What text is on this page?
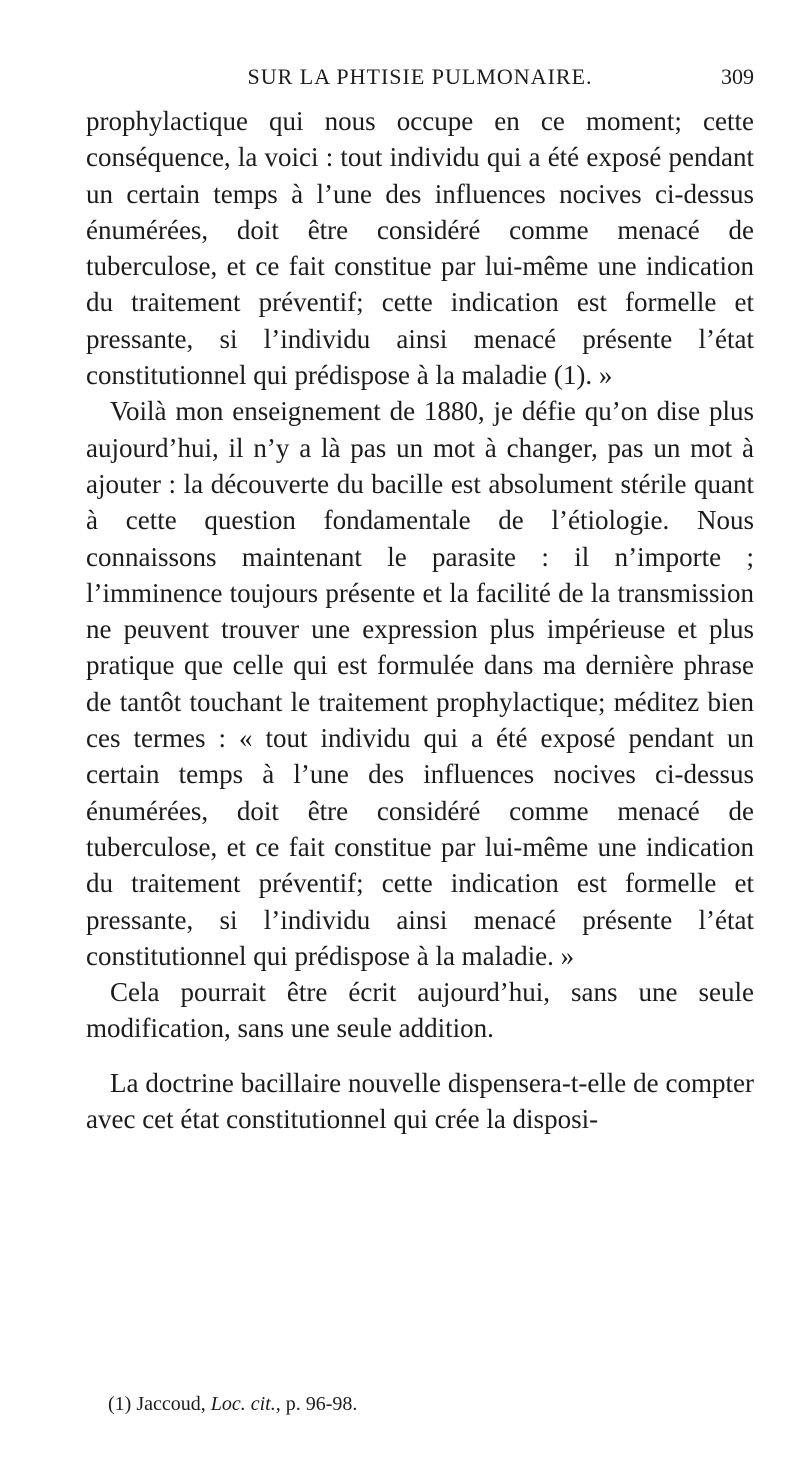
SUR LA PHTISIE PULMONAIRE.	309

prophylactique qui nous occupe en ce moment; cette conséquence, la voici : tout individu qui a été exposé pendant un certain temps à l’une des influences nocives ci-dessus énumérées, doit être considéré comme menacé de tuberculose, et ce fait constitue par lui-même une indication du traitement préventif; cette indication est formelle et pressante, si l’individu ainsi menacé présente l’état constitutionnel qui prédispose à la maladie (1). »

Voilà mon enseignement de 1880, je défie qu’on dise plus aujourd’hui, il n’y a là pas un mot à changer, pas un mot à ajouter : la découverte du bacille est absolument stérile quant à cette question fondamentale de l’étiologie. Nous connaissons maintenant le parasite : il n’importe ; l’imminence toujours présente et la facilité de la transmission ne peuvent trouver une expression plus impérieuse et plus pratique que celle qui est formulée dans ma dernière phrase de tantôt touchant le traitement prophylactique; méditez bien ces termes : « tout individu qui a été exposé pendant un certain temps à l’une des influences nocives ci-dessus énumérées, doit être considéré comme menacé de tuberculose, et ce fait constitue par lui-même une indication du traitement préventif; cette indication est formelle et pressante, si l’individu ainsi menacé présente l’état constitutionnel qui prédispose à la maladie. »

Cela pourrait être écrit aujourd’hui, sans une seule modification, sans une seule addition.

La doctrine bacillaire nouvelle dispensera-t-elle de compter avec cet état constitutionnel qui crée la disposi-

(1) Jaccoud, Loc. cit., p. 96-98.
